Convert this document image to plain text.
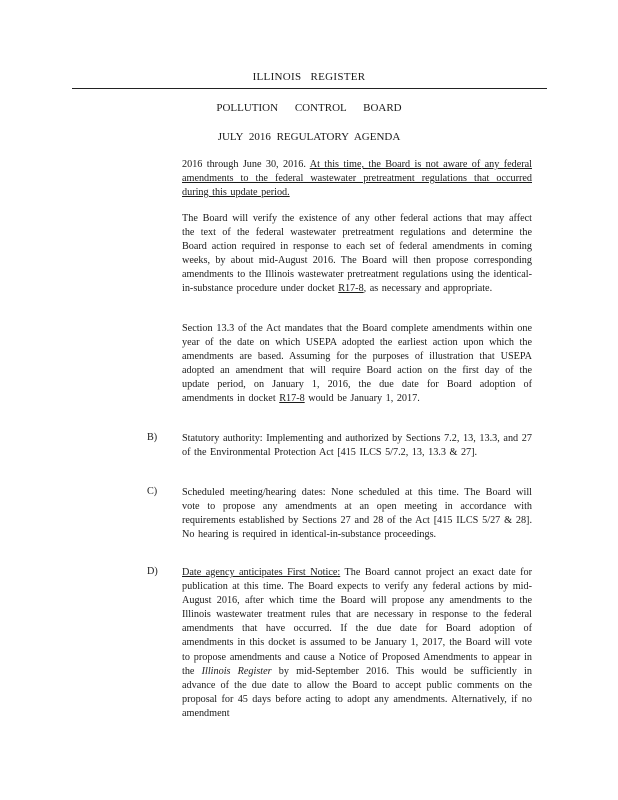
ILLINOIS REGISTER
POLLUTION CONTROL BOARD
JULY 2016 REGULATORY AGENDA
2016 through June 30, 2016. At this time, the Board is not aware of any federal amendments to the federal wastewater pretreatment regulations that occurred during this update period.
The Board will verify the existence of any other federal actions that may affect the text of the federal wastewater pretreatment regulations and determine the Board action required in response to each set of federal amendments in coming weeks, by about mid-August 2016. The Board will then propose corresponding amendments to the Illinois wastewater pretreatment regulations using the identical-in-substance procedure under docket R17-8, as necessary and appropriate.
Section 13.3 of the Act mandates that the Board complete amendments within one year of the date on which USEPA adopted the earliest action upon which the amendments are based. Assuming for the purposes of illustration that USEPA adopted an amendment that will require Board action on the first day of the update period, on January 1, 2016, the due date for Board adoption of amendments in docket R17-8 would be January 1, 2017.
B) Statutory authority: Implementing and authorized by Sections 7.2, 13, 13.3, and 27 of the Environmental Protection Act [415 ILCS 5/7.2, 13, 13.3 & 27].
C) Scheduled meeting/hearing dates: None scheduled at this time. The Board will vote to propose any amendments at an open meeting in accordance with requirements established by Sections 27 and 28 of the Act [415 ILCS 5/27 & 28]. No hearing is required in identical-in-substance proceedings.
D) Date agency anticipates First Notice: The Board cannot project an exact date for publication at this time. The Board expects to verify any federal actions by mid-August 2016, after which time the Board will propose any amendments to the Illinois wastewater treatment rules that are necessary in response to the federal amendments that have occurred. If the due date for Board adoption of amendments in this docket is assumed to be January 1, 2017, the Board will vote to propose amendments and cause a Notice of Proposed Amendments to appear in the Illinois Register by mid-September 2016. This would be sufficiently in advance of the due date to allow the Board to accept public comments on the proposal for 45 days before acting to adopt any amendments. Alternatively, if no amendment
